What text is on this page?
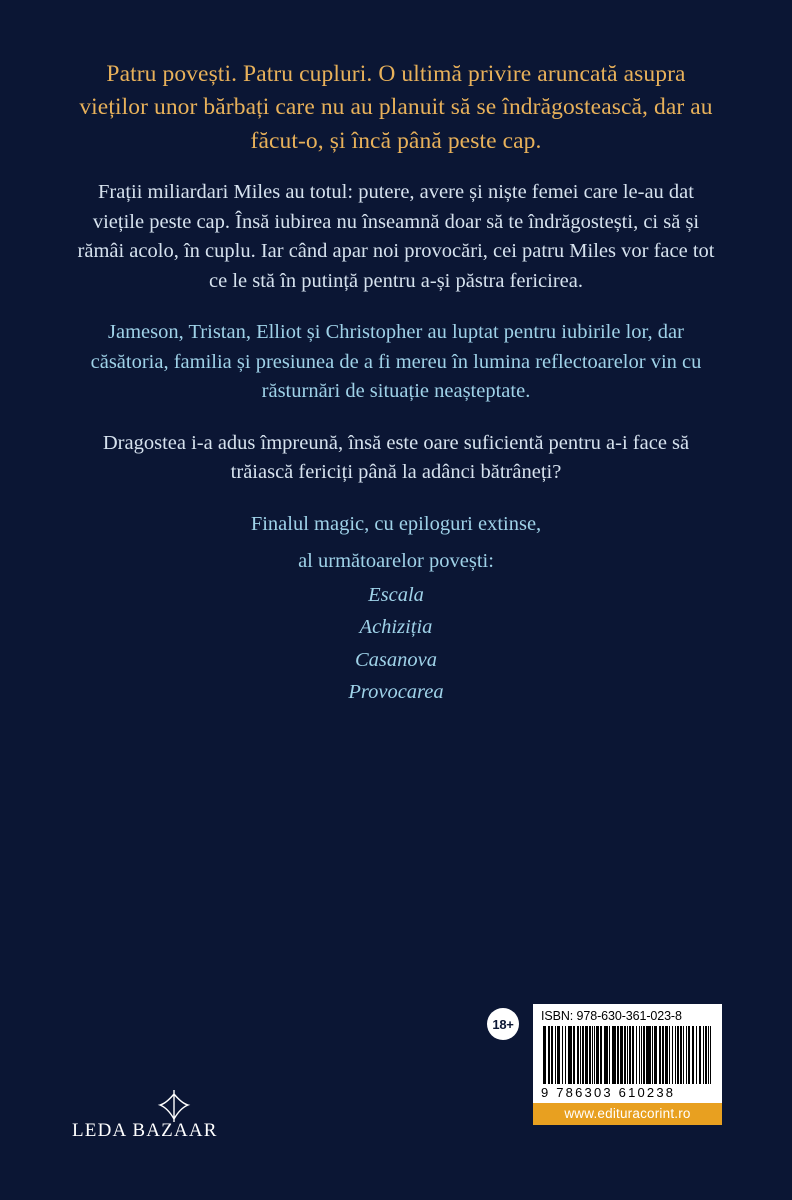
Patru povești. Patru cupluri. O ultimă privire aruncată asupra vieților unor bărbați care nu au planuit să se îndrăgostească, dar au făcut-o, și încă până peste cap.

Frații miliardari Miles au totul: putere, avere și niște femei care le-au dat viețile peste cap. Însă iubirea nu înseamnă doar să te îndrăgostești, ci să și rămâi acolo, în cuplu. Iar când apar noi provocări, cei patru Miles vor face tot ce le stă în putință pentru a-și păstra fericirea.

Jameson, Tristan, Elliot și Christopher au luptat pentru iubirile lor, dar căsătoria, familia și presiunea de a fi mereu în lumina reflectoarelor vin cu răsturnări de situație neașteptate.

Dragostea i-a adus împreună, însă este oare suficientă pentru a-i face să trăiască fericiți până la adânci bătrâneți?

Finalul magic, cu epiloguri extinse,
al următoarelor povești:
Escala
Achiziția
Casanova
Provocarea
18+
ISBN: 978-630-361-023-8
9 786303 610238
www.edituracorint.ro
LEDA BAZAAR
